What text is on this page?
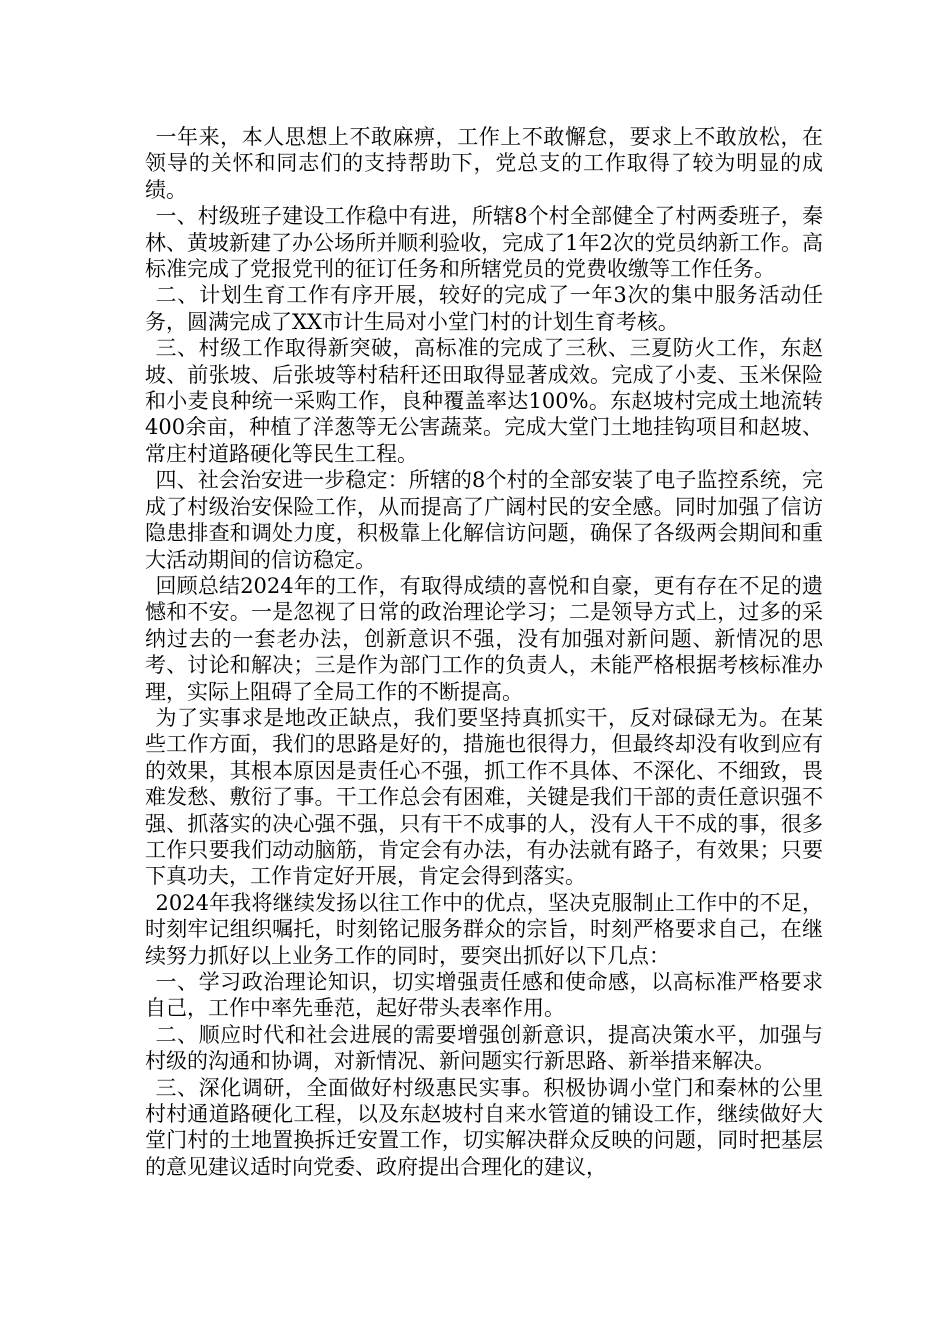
一年来，本人思想上不敢麻痹，工作上不敢懈怠，要求上不敢放松，在领导的关怀和同志们的支持帮助下，党总支的工作取得了较为明显的成绩。

一、村级班子建设工作稳中有进，所辖8个村全部健全了村两委班子，秦林、黄坡新建了办公场所并顺利验收，完成了1年2次的党员纳新工作。高标准完成了党报党刊的征订任务和所辖党员的党费收缴等工作任务。

二、计划生育工作有序开展，较好的完成了一年3次的集中服务活动任务，圆满完成了XX市计生局对小堂门村的计划生育考核。

三、村级工作取得新突破，高标准的完成了三秋、三夏防火工作，东赵坡、前张坡、后张坡等村秸秆还田取得显著成效。完成了小麦、玉米保险和小麦良种统一采购工作，良种覆盖率达100%。东赵坡村完成土地流转400余亩，种植了洋葱等无公害蔬菜。完成大堂门土地挂钩项目和赵坡、常庄村道路硬化等民生工程。

四、社会治安进一步稳定：所辖的8个村的全部安装了电子监控系统，完成了村级治安保险工作，从而提高了广阔村民的安全感。同时加强了信访隐患排查和调处力度，积极靠上化解信访问题，确保了各级两会期间和重大活动期间的信访稳定。

回顾总结2024年的工作，有取得成绩的喜悦和自豪，更有存在不足的遗憾和不安。一是忽视了日常的政治理论学习；二是领导方式上，过多的采纳过去的一套老办法，创新意识不强，没有加强对新问题、新情况的思考、讨论和解决；三是作为部门工作的负责人，未能严格根据考核标准办理，实际上阻碍了全局工作的不断提高。

为了实事求是地改正缺点，我们要坚持真抓实干，反对碌碌无为。在某些工作方面，我们的思路是好的，措施也很得力，但最终却没有收到应有的效果，其根本原因是责任心不强，抓工作不具体、不深化、不细致，畏难发愁、敷衍了事。干工作总会有困难，关键是我们干部的责任意识强不强、抓落实的决心强不强，只有干不成事的人，没有人干不成的事，很多工作只要我们动动脑筋，肯定会有办法，有办法就有路子，有效果；只要下真功夫，工作肯定好开展，肯定会得到落实。

2024年我将继续发扬以往工作中的优点，坚决克服制止工作中的不足，时刻牢记组织嘱托，时刻铭记服务群众的宗旨，时刻严格要求自己，在继续努力抓好以上业务工作的同时，要突出抓好以下几点：

一、学习政治理论知识，切实增强责任感和使命感，以高标准严格要求自己，工作中率先垂范，起好带头表率作用。

二、顺应时代和社会进展的需要增强创新意识，提高决策水平，加强与村级的沟通和协调，对新情况、新问题实行新思路、新举措来解决。

三、深化调研，全面做好村级惠民实事。积极协调小堂门和秦林的公里村村通道路硬化工程，以及东赵坡村自来水管道的铺设工作，继续做好大堂门村的土地置换拆迁安置工作，切实解决群众反映的问题，同时把基层的意见建议适时向党委、政府提出合理化的建议，
